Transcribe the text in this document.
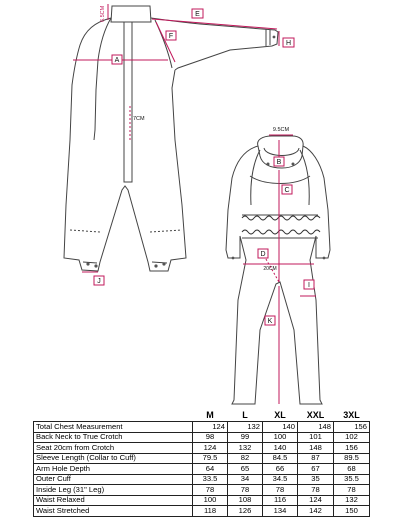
E
F
A
H
J
6.5CM
7CM
B
C
D
I
K
9.5CM
20CM
	M	L	XL	XXL	3XL
Total Chest Measurement	124	132	140	148	156
Back Neck to True Crotch	98	99	100	101	102
Seat 20cm from Crotch	124	132	140	148	156
Sleeve Length (Collar to Cuff)	79.5	82	84.5	87	89.5
Arm Hole Depth	64	65	66	67	68
Outer Cuff	33.5	34	34.5	35	35.5
Inside Leg (31" Leg)	78	78	78	78	78
Waist Relaxed	100	108	116	124	132
Waist Stretched	118	126	134	142	150
